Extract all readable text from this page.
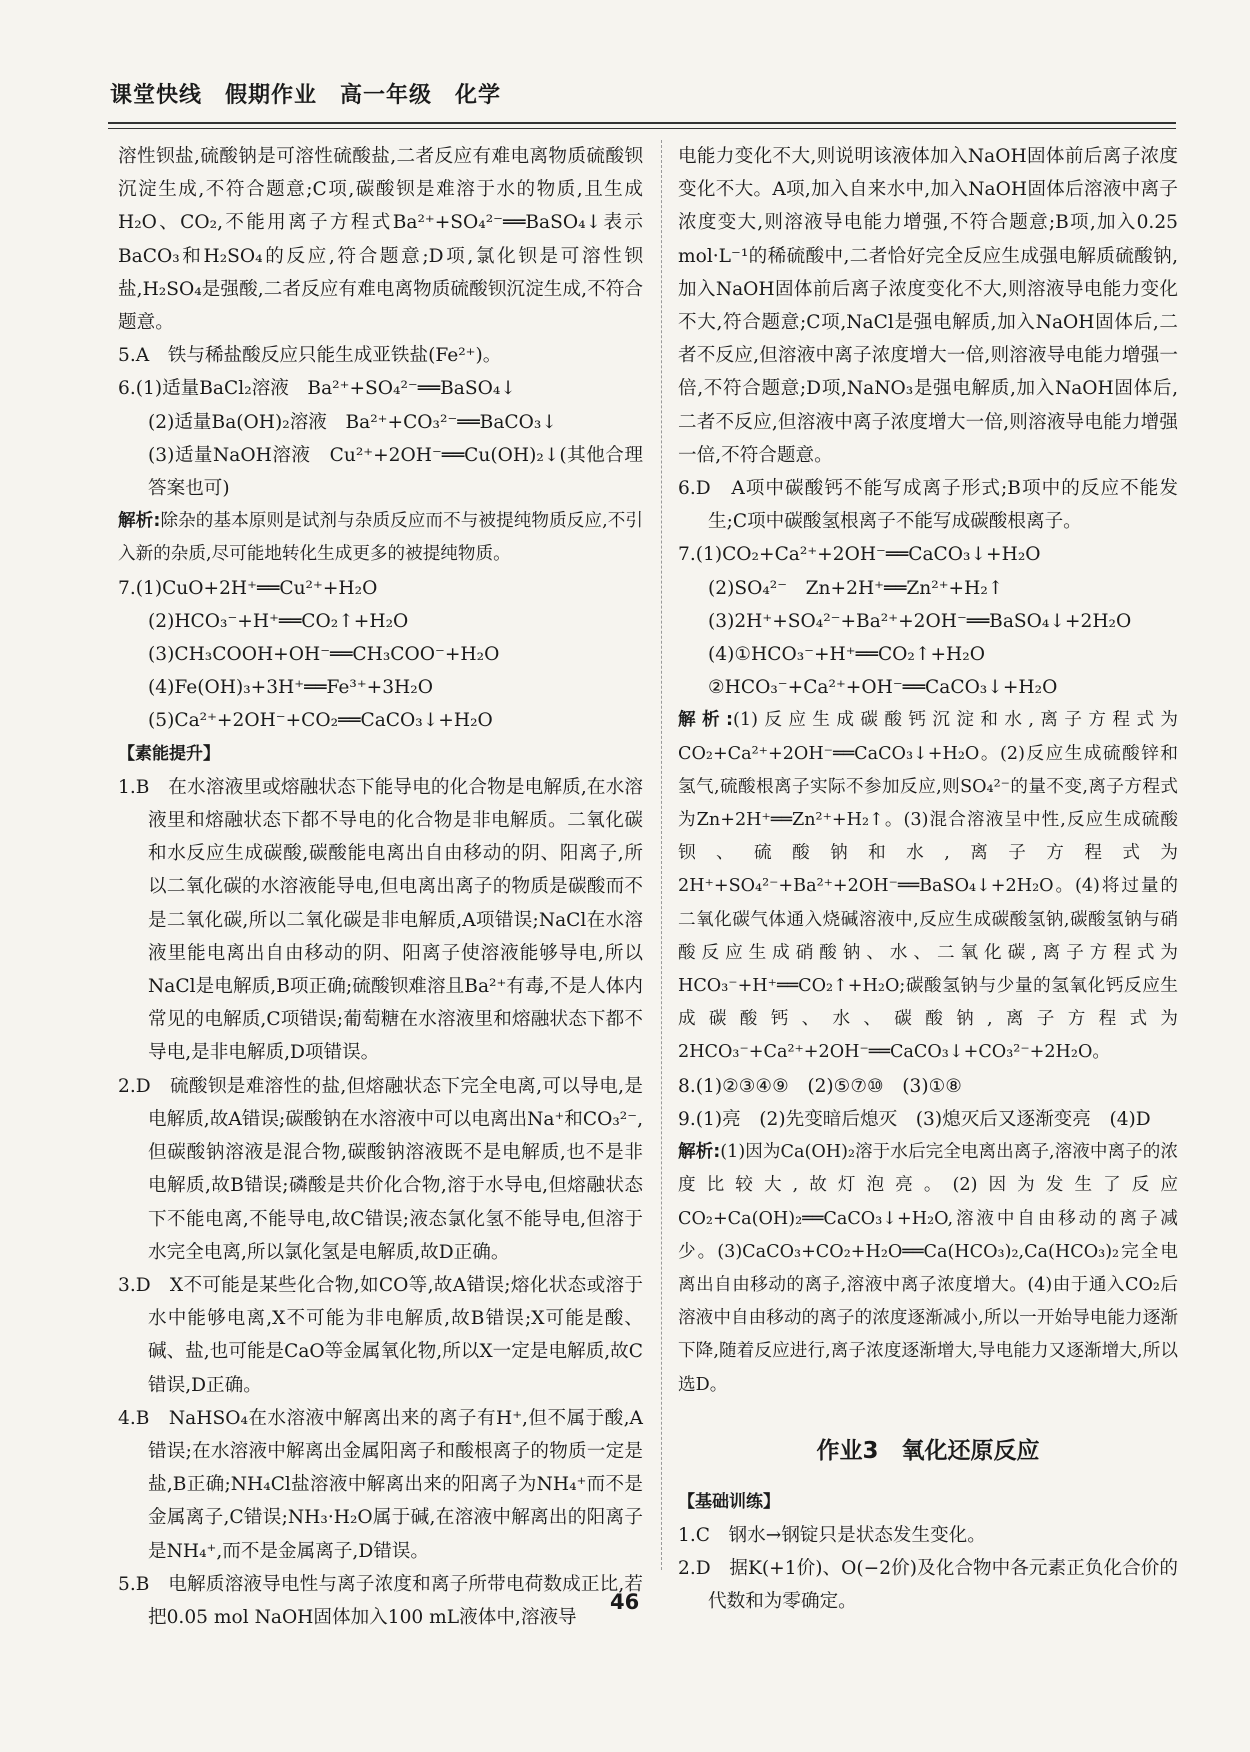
课堂快线　假期作业　高一年级　化学
溶性钡盐,硫酸钠是可溶性硫酸盐,二者反应有难电离物质硫酸钡沉淀生成,不符合题意;C项,碳酸钡是难溶于水的物质,且生成H₂O、CO₂,不能用离子方程式Ba²⁺+SO₄²⁻══BaSO₄↓表示BaCO₃和H₂SO₄的反应,符合题意;D项,氯化钡是可溶性钡盐,H₂SO₄是强酸,二者反应有难电离物质硫酸钡沉淀生成,不符合题意。
5.A　铁与稀盐酸反应只能生成亚铁盐(Fe²⁺)。
6.(1)适量BaCl₂溶液　Ba²⁺+SO₄²⁻══BaSO₄↓
(2)适量Ba(OH)₂溶液　Ba²⁺+CO₃²⁻══BaCO₃↓
(3)适量NaOH溶液　Cu²⁺+2OH⁻══Cu(OH)₂↓(其他合理答案也可)
解析:除杂的基本原则是试剂与杂质反应而不与被提纯物质反应,不引入新的杂质,尽可能地转化生成更多的被提纯物质。
7.(1)CuO+2H⁺══Cu²⁺+H₂O
(2)HCO₃⁻+H⁺══CO₂↑+H₂O
(3)CH₃COOH+OH⁻══CH₃COO⁻+H₂O
(4)Fe(OH)₃+3H⁺══Fe³⁺+3H₂O
(5)Ca²⁺+2OH⁻+CO₂══CaCO₃↓+H₂O
【素能提升】
1.B　在水溶液里或熔融状态下能导电的化合物是电解质,在水溶液里和熔融状态下都不导电的化合物是非电解质。二氧化碳和水反应生成碳酸,碳酸能电离出自由移动的阴、阳离子,所以二氧化碳的水溶液能导电,但电离出离子的物质是碳酸而不是二氧化碳,所以二氧化碳是非电解质,A项错误;NaCl在水溶液里能电离出自由移动的阴、阳离子使溶液能够导电,所以NaCl是电解质,B项正确;硫酸钡难溶且Ba²⁺有毒,不是人体内常见的电解质,C项错误;葡萄糖在水溶液里和熔融状态下都不导电,是非电解质,D项错误。
2.D　硫酸钡是难溶性的盐,但熔融状态下完全电离,可以导电,是电解质,故A错误;碳酸钠在水溶液中可以电离出Na⁺和CO₃²⁻,但碳酸钠溶液是混合物,碳酸钠溶液既不是电解质,也不是非电解质,故B错误;磷酸是共价化合物,溶于水导电,但熔融状态下不能电离,不能导电,故C错误;液态氯化氢不能导电,但溶于水完全电离,所以氯化氢是电解质,故D正确。
3.D　X不可能是某些化合物,如CO等,故A错误;熔化状态或溶于水中能够电离,X不可能为非电解质,故B错误;X可能是酸、碱、盐,也可能是CaO等金属氧化物,所以X一定是电解质,故C错误,D正确。
4.B　NaHSO₄在水溶液中解离出来的离子有H⁺,但不属于酸,A错误;在水溶液中解离出金属阳离子和酸根离子的物质一定是盐,B正确;NH₄Cl盐溶液中解离出来的阳离子为NH₄⁺而不是金属离子,C错误;NH₃·H₂O属于碱,在溶液中解离出的阳离子是NH₄⁺,而不是金属离子,D错误。
5.B　电解质溶液导电性与离子浓度和离子所带电荷数成正比,若把0.05 mol NaOH固体加入100 mL液体中,溶液导
电能力变化不大,则说明该液体加入NaOH固体前后离子浓度变化不大。A项,加入自来水中,加入NaOH固体后溶液中离子浓度变大,则溶液导电能力增强,不符合题意;B项,加入0.25 mol·L⁻¹的稀硫酸中,二者恰好完全反应生成强电解质硫酸钠,加入NaOH固体前后离子浓度变化不大,则溶液导电能力变化不大,符合题意;C项,NaCl是强电解质,加入NaOH固体后,二者不反应,但溶液中离子浓度增大一倍,则溶液导电能力增强一倍,不符合题意;D项,NaNO₃是强电解质,加入NaOH固体后,二者不反应,但溶液中离子浓度增大一倍,则溶液导电能力增强一倍,不符合题意。
6.D　A项中碳酸钙不能写成离子形式;B项中的反应不能发生;C项中碳酸氢根离子不能写成碳酸根离子。
7.(1)CO₂+Ca²⁺+2OH⁻══CaCO₃↓+H₂O
(2)SO₄²⁻　Zn+2H⁺══Zn²⁺+H₂↑
(3)2H⁺+SO₄²⁻+Ba²⁺+2OH⁻══BaSO₄↓+2H₂O
(4)①HCO₃⁻+H⁺══CO₂↑+H₂O
②HCO₃⁻+Ca²⁺+OH⁻══CaCO₃↓+H₂O
解析:(1)反应生成碳酸钙沉淀和水,离子方程式为CO₂+Ca²⁺+2OH⁻══CaCO₃↓+H₂O。(2)反应生成硫酸锌和氢气,硫酸根离子实际不参加反应,则SO₄²⁻的量不变,离子方程式为Zn+2H⁺══Zn²⁺+H₂↑。(3)混合溶液呈中性,反应生成硫酸钡、硫酸钠和水,离子方程式为2H⁺+SO₄²⁻+Ba²⁺+2OH⁻══BaSO₄↓+2H₂O。(4)将过量的二氧化碳气体通入烧碱溶液中,反应生成碳酸氢钠,碳酸氢钠与硝酸反应生成硝酸钠、水、二氧化碳,离子方程式为HCO₃⁻+H⁺══CO₂↑+H₂O;碳酸氢钠与少量的氢氧化钙反应生成碳酸钙、水、碳酸钠,离子方程式为2HCO₃⁻+Ca²⁺+2OH⁻══CaCO₃↓+CO₃²⁻+2H₂O。
8.(1)②③④⑨　(2)⑤⑦⑩　(3)①⑧
9.(1)亮　(2)先变暗后熄灭　(3)熄灭后又逐渐变亮　(4)D
解析:(1)因为Ca(OH)₂溶于水后完全电离出离子,溶液中离子的浓度比较大,故灯泡亮。(2)因为发生了反应CO₂+Ca(OH)₂══CaCO₃↓+H₂O,溶液中自由移动的离子减少。(3)CaCO₃+CO₂+H₂O══Ca(HCO₃)₂,Ca(HCO₃)₂完全电离出自由移动的离子,溶液中离子浓度增大。(4)由于通入CO₂后溶液中自由移动的离子的浓度逐渐减小,所以一开始导电能力逐渐下降,随着反应进行,离子浓度逐渐增大,导电能力又逐渐增大,所以选D。
作业3　氧化还原反应
【基础训练】
1.C　钢水→钢锭只是状态发生变化。
2.D　据K(+1价)、O(−2价)及化合物中各元素正负化合价的代数和为零确定。
46
